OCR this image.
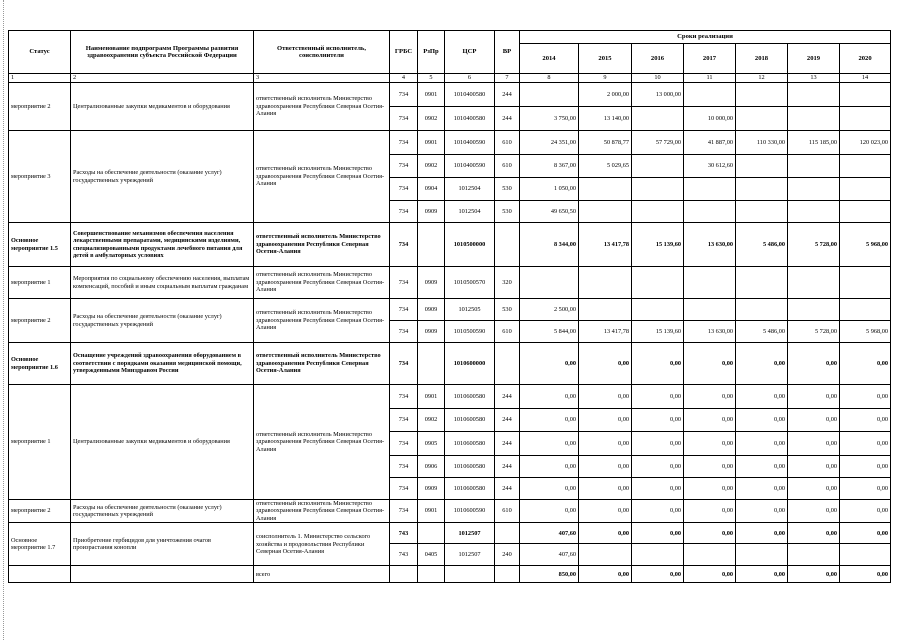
Статус	Наименование подпрограмм Программы развития здравоохранения субъекта Российской Федерации	Ответственный исполнитель, соисполнители	ГРБС	РзПр	ЦСР	ВР	Сроки реализации						
							2014	2015	2016	2017	2018	2019	2020
1	2	3	4	5	6	7	8	9	10	11	12	13	14
мероприятие 2	Централизованные закупки медикаментов и оборудования	ответственный исполнитель Министерство здравоохранения Республики Северная Осетия-Алания	734	0901	1010400580	244		2 000,00	13 000,00				
			734	0902	1010400580	244	3 750,00	13 140,00		10 000,00			
мероприятие 3	Расходы на обеспечение деятельности (оказание услуг) государственных учреждений	ответственный исполнитель Министерство здравоохранения Республики Северная Осетия-Алания	734	0901	1010400590	610	24 351,00	50 878,77	57 729,00	41 887,00	110 330,00	115 185,00	120 023,00
			734	0902	1010400590	610	8 367,00	5 029,65		30 612,60			
			734	0904	1012504	530	1 050,00						
			734	0909	1012504	530	49 650,50						
Основное мероприятие 1.5	Совершенствование механизмов обеспечения населения лекарственными препаратами, медицинскими изделиями, специализированными продуктами лечебного питания для детей в амбулаторных условиях	ответственный исполнитель Министерство здравоохранения Республики Северная Осетия-Алания	734		1010500000		8 344,00	13 417,78	15 139,60	13 630,00	5 486,00	5 728,00	5 968,00
мероприятие 1	Мероприятия по социальному обеспечению населения, выплатам компенсаций, пособий и иным социальным выплатам гражданам	ответственный исполнитель Министерство здравоохранения Республики Северная Осетия-Алания	734	0909	1010500570	320							
мероприятие 2	Расходы на обеспечение деятельности (оказание услуг) государственных учреждений	ответственный исполнитель Министерство здравоохранения Республики Северная Осетия-Алания	734	0909	1012505	530	2 500,00						
			734	0909	1010500590	610	5 844,00	13 417,78	15 139,60	13 630,00	5 486,00	5 728,00	5 968,00
Основное мероприятие 1.6	Оснащение учреждений здравоохранения оборудованием в соответствии с порядками оказания медицинской помощи, утвержденными Минздравом России	ответственный исполнитель Министерство здравоохранения Республики Северная Осетия-Алания	734		1010600000		0,00	0,00	0,00	0,00	0,00	0,00	0,00
мероприятие 1	Централизованные закупки медикаментов и оборудования	ответственный исполнитель Министерство здравоохранения Республики Северная Осетия-Алания	734	0901	1010600580	244	0,00	0,00	0,00	0,00	0,00	0,00	0,00
			734	0902	1010600580	244	0,00	0,00	0,00	0,00	0,00	0,00	0,00
			734	0905	1010600580	244	0,00	0,00	0,00	0,00	0,00	0,00	0,00
			734	0906	1010600580	244	0,00	0,00	0,00	0,00	0,00	0,00	0,00
			734	0909	1010600580	244	0,00	0,00	0,00	0,00	0,00	0,00	0,00
мероприятие 2	Расходы на обеспечение деятельности (оказание услуг) государственных учреждений	ответственный исполнитель Министерство здравоохранения Республики Северная Осетия-Алания	734	0901	1010600590	610	0,00	0,00	0,00	0,00	0,00	0,00	0,00
Основное мероприятие 1.7	Приобретение гербицидов для уничтожения очагов произрастания конопли	соисполнитель 1. Министерство сельского хозяйства и продовольствия Республики Северная Осетия-Алания	743		1012507		407,60	0,00	0,00	0,00	0,00	0,00	0,00
			743	0405	1012507	240	407,60						
		всего					850,00	0,00	0,00	0,00	0,00	0,00	0,00
